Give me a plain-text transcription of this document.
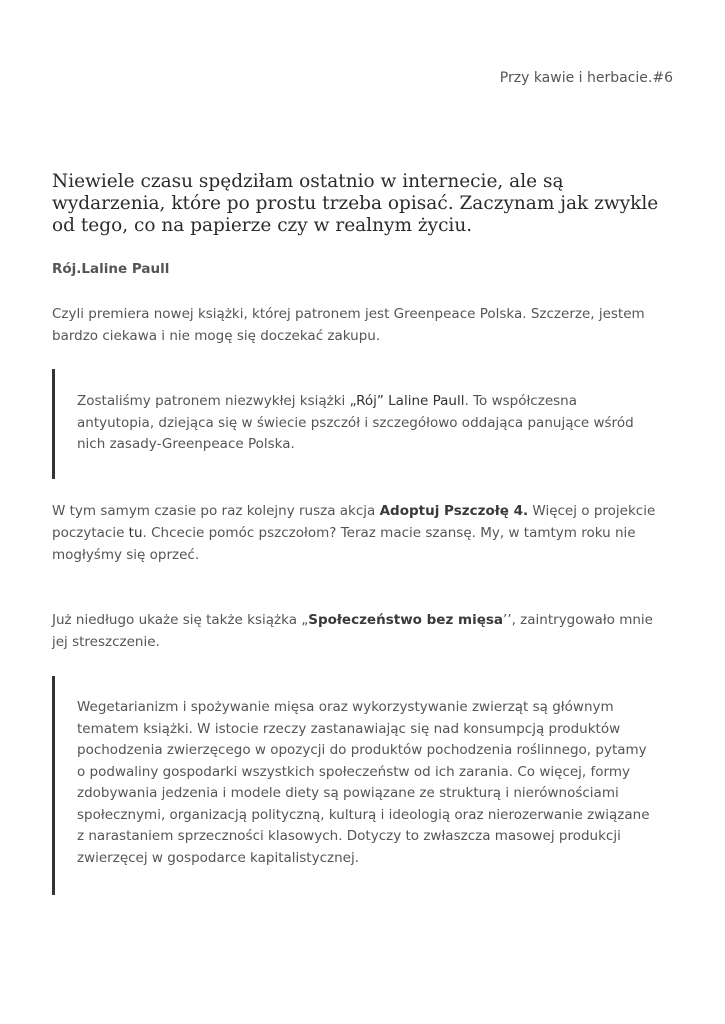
Przy kawie i herbacie.#6

Niewiele czasu spędziłam ostatnio w internecie, ale są wydarzenia, które po prostu trzeba opisać. Zaczynam jak zwykle od tego, co na papierze czy w realnym życiu.

Rój.Laline Paull

Czyli premiera nowej książki, której patronem jest Greenpeace Polska. Szczerze, jestem bardzo ciekawa i nie mogę się doczekać zakupu.

Zostaliśmy patronem niezwykłej książki „Rój” Laline Paull. To współczesna antyutopia, dziejąca się w świecie pszczół i szczegółowo oddająca panujące wśród nich zasady-Greenpeace Polska.

W tym samym czasie po raz kolejny rusza akcja Adoptuj Pszczołę 4. Więcej o projekcie poczytacie tu. Chcecie pomóc pszczołom? Teraz macie szansę. My, w tamtym roku nie mogłyśmy się oprzeć.

Już niedługo ukaże się także książka „Społeczeństwo bez mięsa’’, zaintrygowało mnie jej streszczenie.

Wegetarianizm i spożywanie mięsa oraz wykorzystywanie zwierząt są głównym tematem książki. W istocie rzeczy zastanawiając się nad konsumpcją produktów pochodzenia zwierzęcego w opozycji do produktów pochodzenia roślinnego, pytamy o podwaliny gospodarki wszystkich społeczeństw od ich zarania. Co więcej, formy zdobywania jedzenia i modele diety są powiązane ze strukturą i nierównościami społecznymi, organizacją polityczną, kulturą i ideologią oraz nierozerwanie związane z narastaniem sprzeczności klasowych. Dotyczy to zwłaszcza masowej produkcji zwierzęcej w gospodarce kapitalistycznej.
